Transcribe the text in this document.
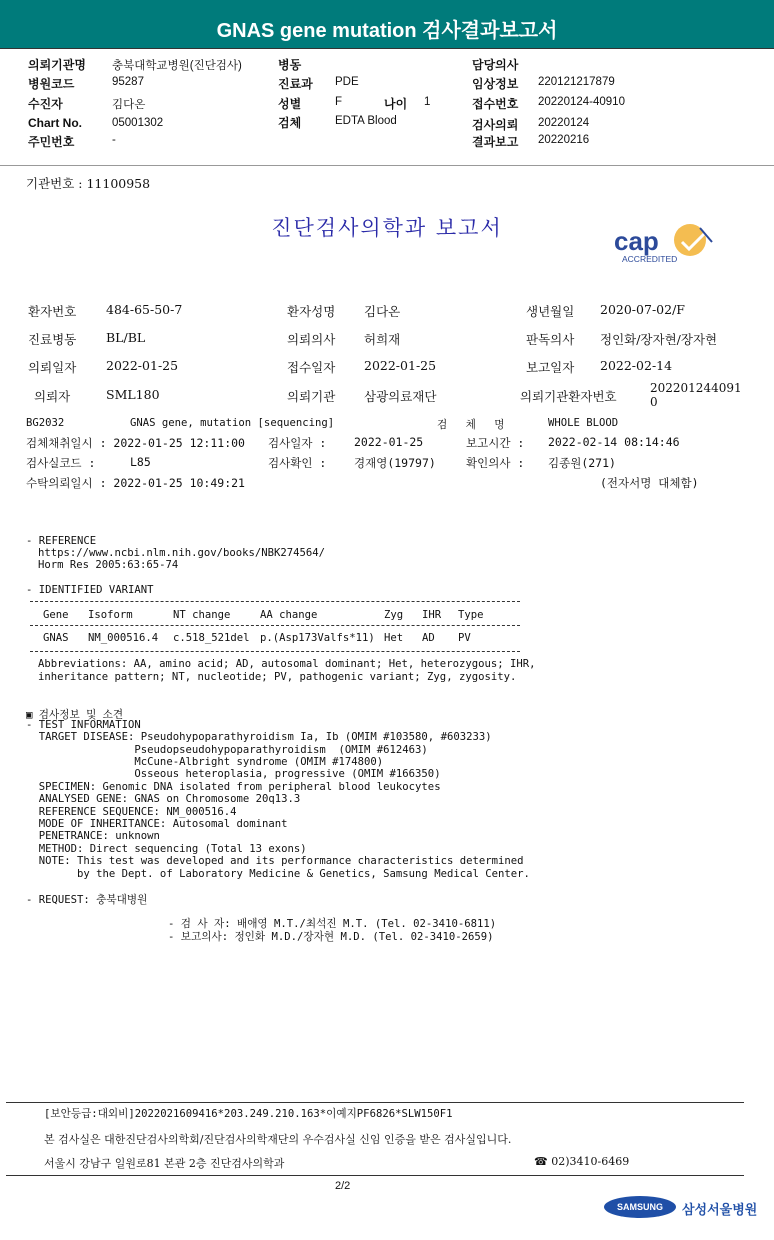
GNAS gene mutation 검사결과보고서
의뢰기관명 충북대학교병원(진단검사)
병원코드	95287
수진자	김다온
Chart No.	05001302
주민번호	-
병동
진료과 PDE
성별	F	나이 1
검체	EDTA Blood
담당의사
임상정보 220121217879
접수번호 20220124-40910
검사의뢰 20220124
결과보고 20220216
기관번호 : 11100958
진단검사의학과 보고서	cap
ACCREDITED
환자번호 484-65-50-7	환자성명 김다온	생년월일 2020-07-02/F
진료병동 BL/BL	의뢰의사 허희재	판독의사 정인화/장자현/장자현
의뢰일자 2022-01-25	접수일자 2022-01-25	보고일자 2022-02-14
의뢰자	SML180	의뢰기관 삼광의료재단	의뢰기관환자번호
202201244091
0
BG2032	GNAS gene, mutation [sequencing]	검 체 명	WHOLE BLOOD
검체채취일시 : 2022-01-25 12:11:00 검사일자 : 2022-01-25	보고시간 : 2022-02-14 08:14:46
검사실코드 :	L85	검사확인 : 경재영(19797)	확인의사 : 김종원(271)
수탁의뢰일시 : 2022-01-25 10:49:21	(전자서명 대체함)
- REFERENCE
https://www.ncbi.nlm.nih.gov/books/NBK274564/
Horm Res 2005:63:65-74
- IDENTIFIED VARIANT
Gene Isoform	NT change	AA change	Zyg IHR Type
GNAS NM_000516.4 c.518_521del p.(Asp173Valfs*11) Het AD PV
Abbreviations: AA, amino acid; AD, autosomal dominant; Het, heterozygous; IHR,
inheritance pattern; NT, nucleotide; PV, pathogenic variant; Zyg, zygosity.
▣ 검사정보 및 소견
- TEST INFORMATION
TARGET DISEASE: Pseudohypoparathyroidism Ia, Ib (OMIM #103580, #603233)
Pseudopseudohypoparathyroidism  (OMIM #612463)
McCune-Albright syndrome (OMIM #174800)
Osseous heteroplasia, progressive (OMIM #166350)
SPECIMEN: Genomic DNA isolated from peripheral blood leukocytes
ANALYSED GENE: GNAS on Chromosome 20q13.3
REFERENCE SEQUENCE: NM_000516.4
MODE OF INHERITANCE: Autosomal dominant
PENETRANCE: unknown
METHOD: Direct sequencing (Total 13 exons)
NOTE: This test was developed and its performance characteristics determined
by the Dept. of Laboratory Medicine & Genetics, Samsung Medical Center.
- REQUEST: 충북대병원
- 검 사 자: 배애영 M.T./최석진 M.T. (Tel. 02-3410-6811)
- 보고의사: 정인화 M.D./장자현 M.D. (Tel. 02-3410-2659)
[보안등급:대외비]2022021609416*203.249.210.163*이예지PF6826*SLW150F1
본 검사실은 대한진단검사의학회/진단검사의학재단의 우수검사실 신임 인증을 받은 검사실입니다.
서울시 강남구 일원로81 본관 2층 진단검사의학과	☎ 02)3410-6469
2/2
SAMSUNG	삼성서울병원
